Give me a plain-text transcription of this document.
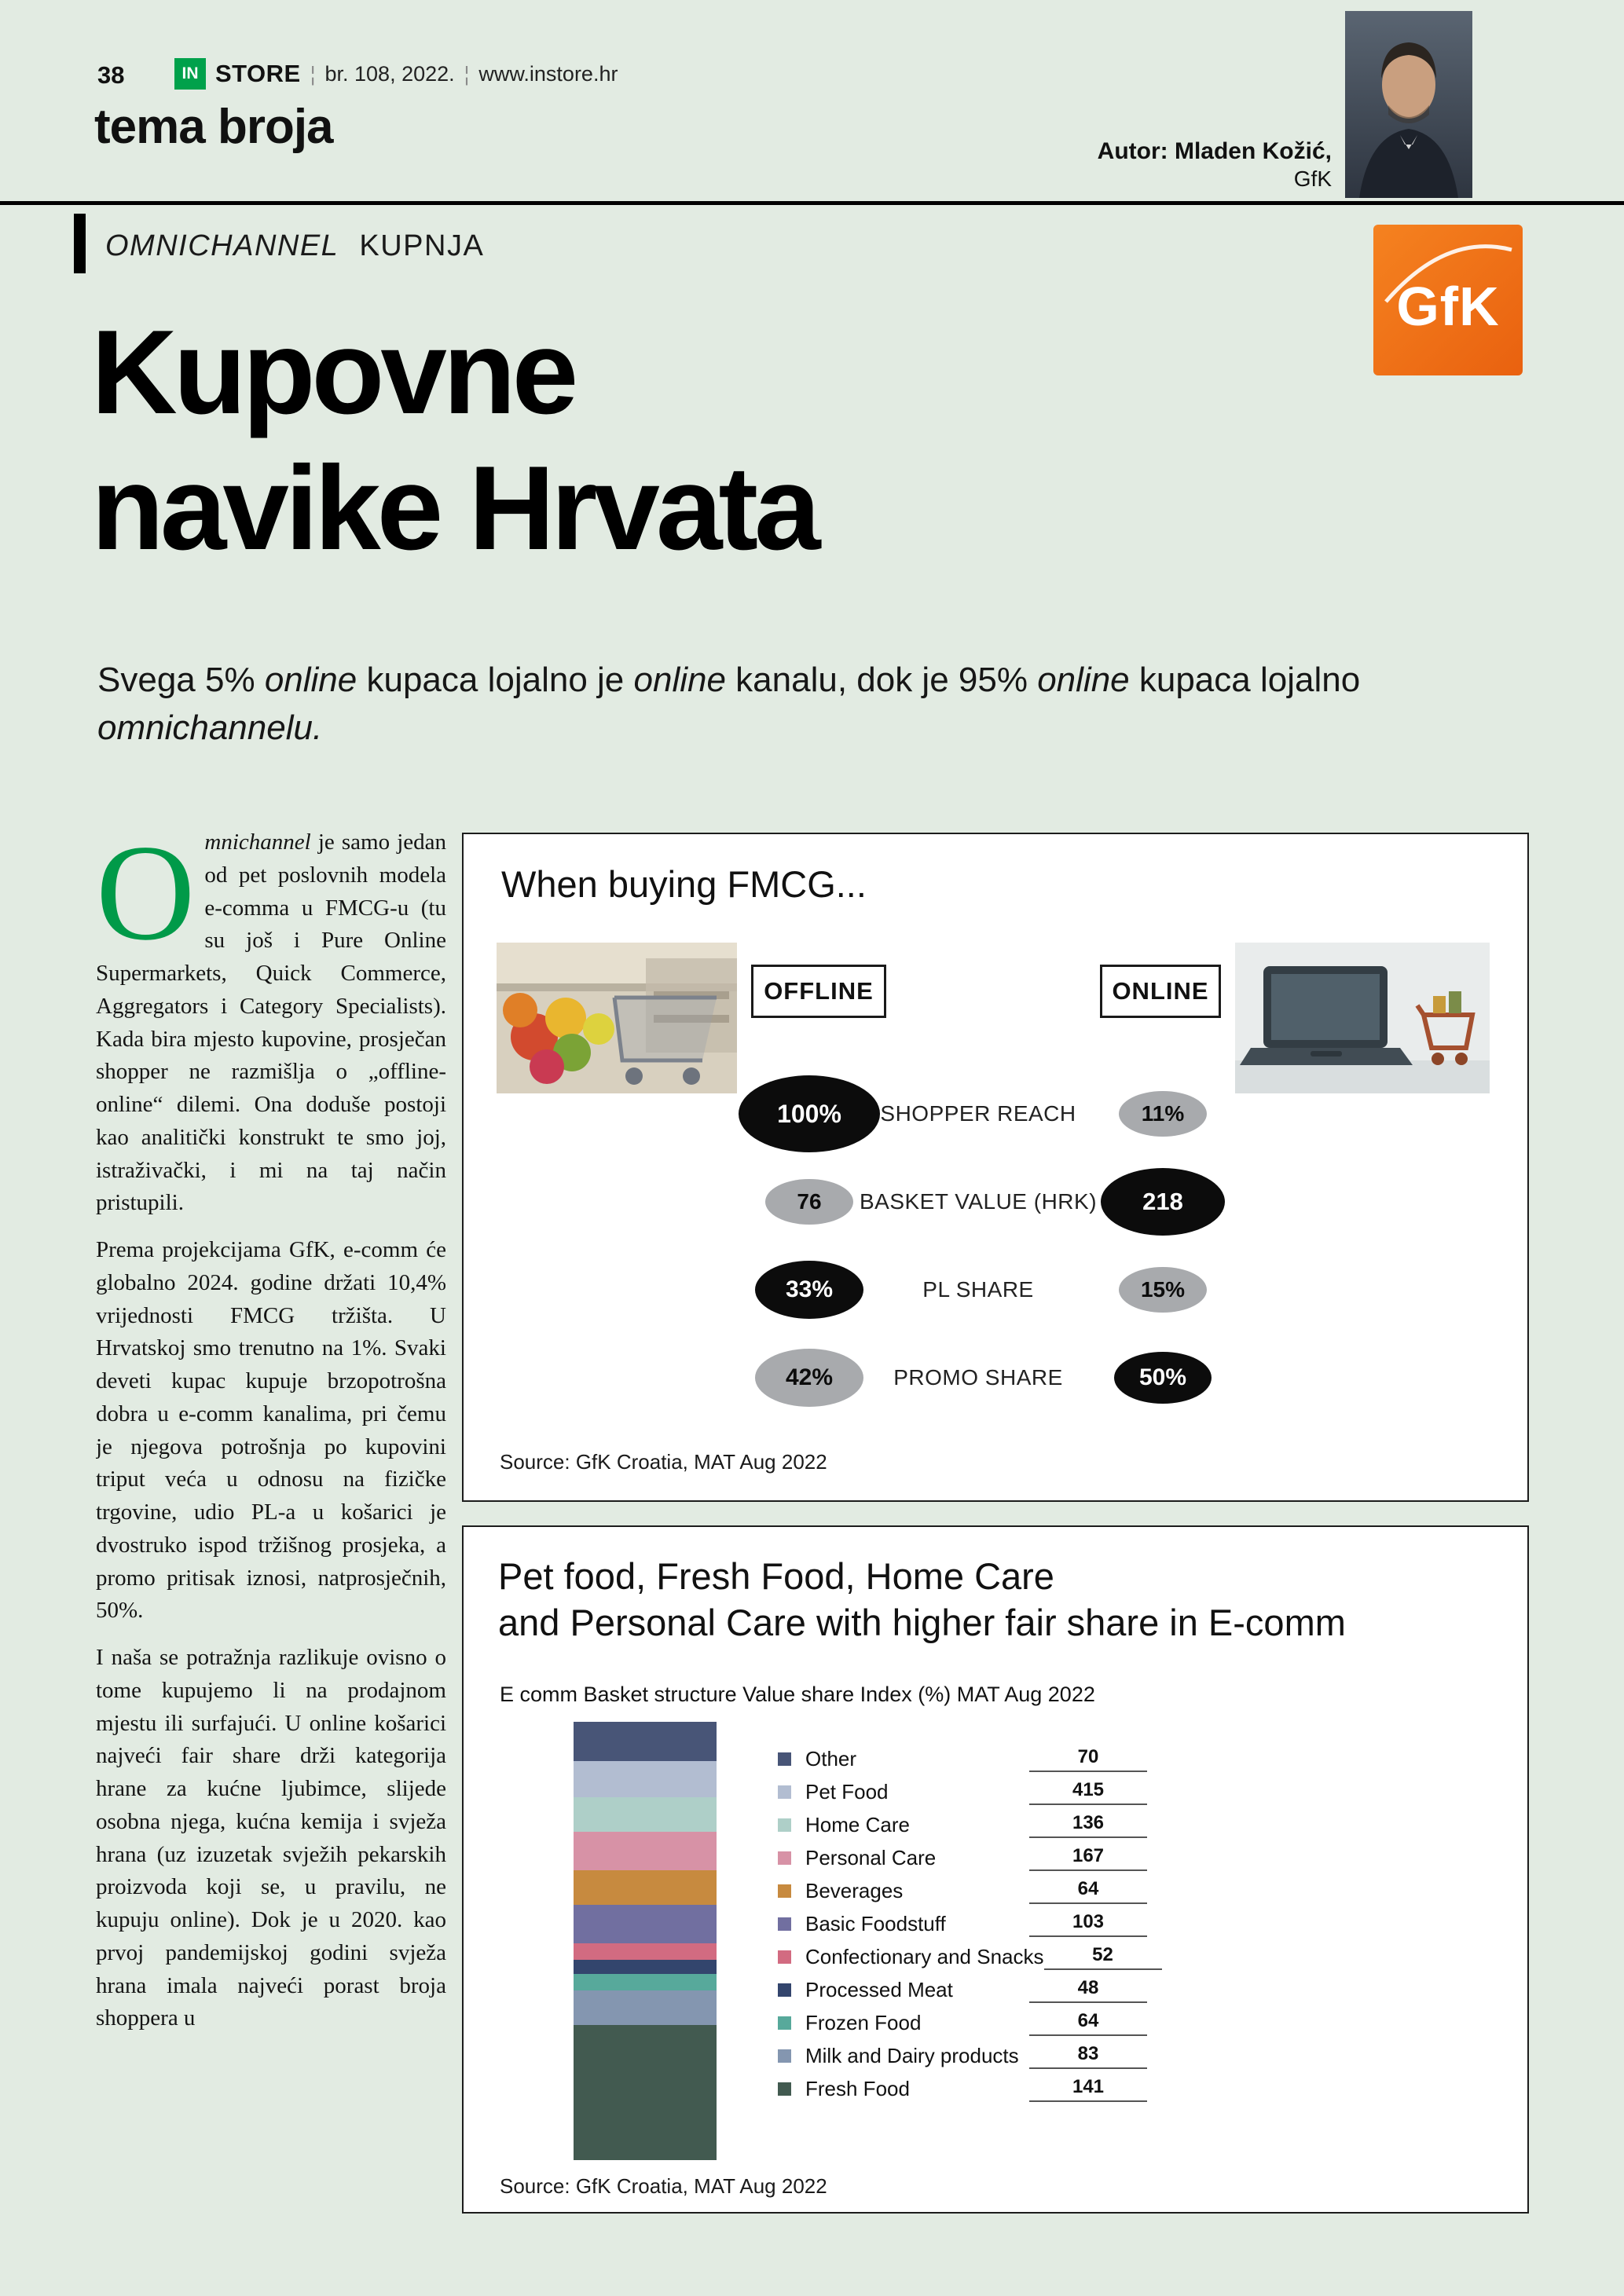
38	IN STORE ¦ br. 108, 2022. ¦ www.instore.hr
tema broja	Autor: Mladen Kožić,
GfK
OMNICHANNEL KUPNJA
GfK
Kupovne
navike Hrvata

Svega 5% online kupaca lojalno je online kanalu, dok je 95% online kupaca lojalno omnichannelu.

Omnichannel je samo jedan od pet poslovnih modela e-comma u FMCG-u (tu su još i Pure Online Supermarkets, Quick Commerce, Aggregators i Category Specialists). Kada bira mjesto kupovine, prosječan shopper ne razmišlja o „offline-online“ dilemi. Ona doduše postoji kao analitički konstrukt te smo joj, istraživački, i mi na taj način pristupili.

Prema projekcijama GfK, e-comm će globalno 2024. godine držati 10,4% vrijednosti FMCG tržišta. U Hrvatskoj smo trenutno na 1%. Svaki deveti kupac kupuje brzopotrošna dobra u e-comm kanalima, pri čemu je njegova potrošnja po kupovini triput veća u odnosu na fizičke trgovine, udio PL-a u košarici je dvostruko ispod tržišnog prosjeka, a promo pritisak iznosi, natprosječnih, 50%.

I naša se potražnja razlikuje ovisno o tome kupujemo li na prodajnom mjestu ili surfajući. U online košarici najveći fair share drži kategorija hrane za kućne ljubimce, slijede osobna njega, kućna kemija i svježa hrana (uz izuzetak svježih pekarskih proizvoda koji se, u pravilu, ne kupuju online). Dok je u 2020. kao prvoj pandemijskoj godini svježa hrana imala najveći porast broja shoppera u

When buying FMCG...
OFFLINE	ONLINE
100%	SHOPPER REACH	11%
76	BASKET VALUE (HRK)	218
33%	PL SHARE	15%
42%	PROMO SHARE	50%
Source: GfK Croatia, MAT Aug 2022
Pet food, Fresh Food, Home Care
and Personal Care with higher fair share in E-comm
E comm Basket structure Value share Index (%) MAT Aug 2022
Other	70
Pet Food	415
Home Care	136
Personal Care	167
Beverages	64
Basic Foodstuff	103
Confectionary and Snacks	52
Processed Meat	48
Frozen Food	64
Milk and Dairy products	83
Fresh Food	141
Source: GfK Croatia, MAT Aug 2022
